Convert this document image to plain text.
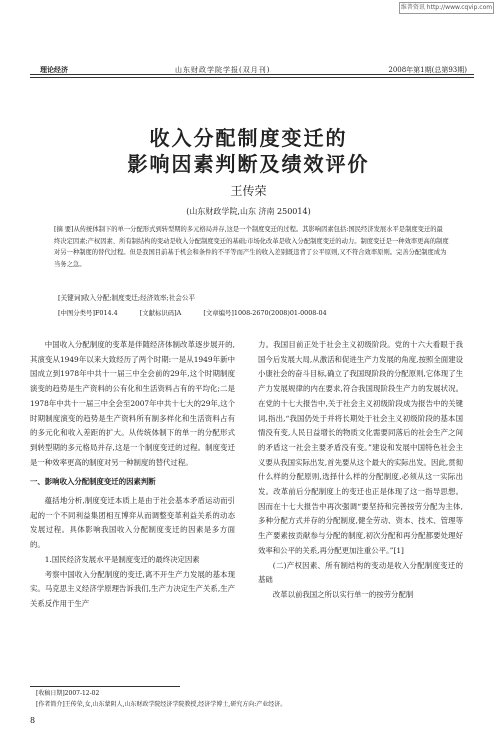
维普资讯 http://www.cqvip.com
理论经济	山东财政学院学报(双月刊)	2008年第1期(总第93期)
收入分配制度变迁的
影响因素判断及绩效评价
王传荣
(山东财政学院,山东 济南 250014)

[摘 要]从传统体制下的单一分配形式到转型期的多元格局并存,这是一个制度变迁的过程。其影响因素包括:国民经济发展水平是制度变迁的最终决定因素;产权因素、所有制结构的变动是收入分配制度变迁的基础;市场化改革是收入分配制度变迁的动力。制度变迁是一种效率更高的制度对另一种制度的替代过程。但是我国目前基于机会和条件的不平等而产生的收入差别既违背了公平原则,又不符合效率原则。完善分配制度成为当务之急。

[关键词]收入分配;制度变迁;经济效率;社会公平
[中图分类号]F014.4	[文献标识码]A	[文章编号]1008-2670(2008)01-0008-04

中国收入分配制度的变革是伴随经济体制改革逐步展开的,其演变从1949年以来大致经历了两个时期:一是从1949年新中国成立到1978年中共十一届三中全会前的29年,这个时期制度演变的趋势是生产资料的公有化和生活资料占有的平均化;二是1978年中共十一届三中全会至2007年中共十七大的29年,这个时期制度演变的趋势是生产资料所有制多样化和生活资料占有的多元化和收入差距的扩大。从传统体制下的单一的分配形式到转型期的多元格局并存,这是一个制度变迁的过程。制度变迁是一种效率更高的制度对另一种制度的替代过程。

一、影响收入分配制度变迁的因素判断

蕴括地分析,制度变迁本质上是由于社会基本矛盾运动而引起的一个不同利益集团相互博弈从而调整变革利益关系的动态发展过程。具体影响我国收入分配制度变迁的因素是多方面的。

1.国民经济发展水平是制度变迁的最终决定因素

考察中国收入分配制度的变迁,离不开生产力发展的基本现实。马克思主义经济学原理告诉我们,生产力决定生产关系,生产关系反作用于生产

力。我国目前正处于社会主义初级阶段。党的十六大看眼于我国今后发展大局,从激活和促进生产力发展的角度,按照全面建设小康社会的奋斗目标,确立了我国现阶段的分配原则,它体现了生产力发展规律的内在要求,符合我国现阶段生产力的发展状况。在党的十七大报告中,关于社会主义初级阶段成为报告中的关键词,指出,“我国仍处于并将长期处于社会主义初级阶段的基本国情没有变,人民日益增长的物质文化需要同落后的社会生产之间的矛盾这一社会主要矛盾没有变。”建设和发展中国特色社会主义要从我国实际出发,首先要从这个最大的实际出发。因此,贯彻什么样的分配原则,选择什么样的分配制度,必须从这一实际出发。改革前后分配制度上的变迁也正是体现了这一指导思想。因而在十七大报告中再次强调“要坚持和完善按劳分配为主体,多种分配方式并存的分配制度,健全劳动、资本、技术、管理等生产要素按贡献参与分配的制度,初次分配和再分配都要处理好效率和公平的关系,再分配更加注重公平。”[1]

(二)产权因素、所有制结构的变动是收入分配制度变迁的基础

改革以前我国之所以实行单一的按劳分配制

[收稿日期]2007-12-02
[作者简介]王传荣,女,山东蒙阴人,山东财政学院经济学院教授,经济学博士,研究方向:产业经济。
8
